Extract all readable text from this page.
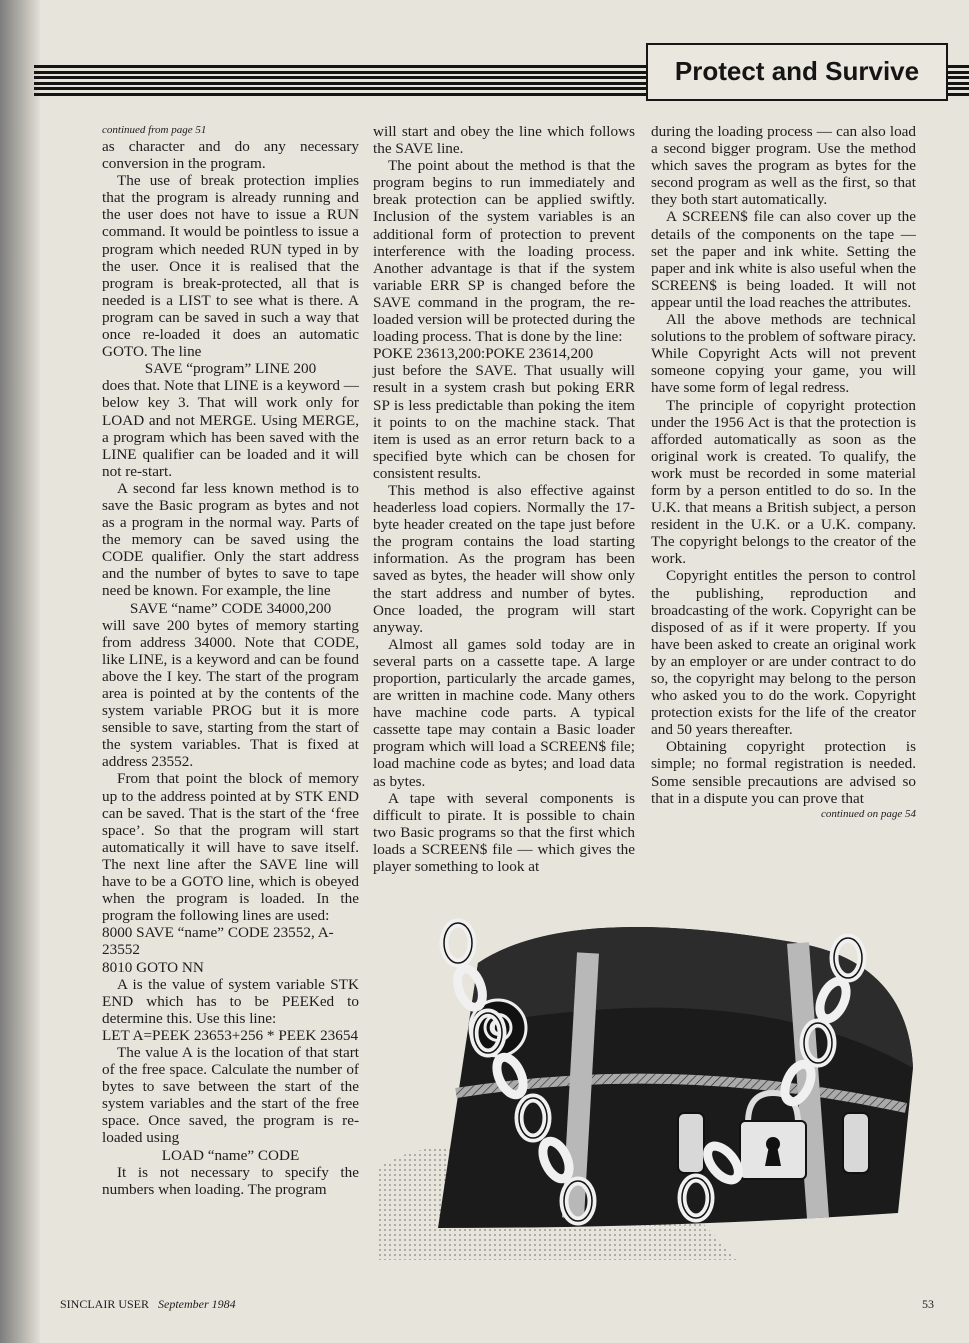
Protect and Survive

continued from page 51

as character and do any necessary conversion in the program.

The use of break protection implies that the program is already running and the user does not have to issue a RUN command. It would be pointless to issue a program which needed RUN typed in by the user. Once it is realised that the program is break-protected, all that is needed is a LIST to see what is there. A program can be saved in such a way that once re-loaded it does an automatic GOTO. The line

SAVE “program” LINE 200

does that. Note that LINE is a keyword — below key 3. That will work only for LOAD and not MERGE. Using MERGE, a program which has been saved with the LINE qualifier can be loaded and it will not re-start.

A second far less known method is to save the Basic program as bytes and not as a program in the normal way. Parts of the memory can be saved using the CODE qualifier. Only the start address and the number of bytes to save to tape need be known. For example, the line

SAVE “name” CODE 34000,200

will save 200 bytes of memory starting from address 34000. Note that CODE, like LINE, is a keyword and can be found above the I key. The start of the program area is pointed at by the contents of the system variable PROG but it is more sensible to save, starting from the start of the system variables. That is fixed at address 23552.

From that point the block of memory up to the address pointed at by STK END can be saved. That is the start of the ‘free space’. So that the program will start automatically it will have to save itself. The next line after the SAVE line will have to be a GOTO line, which is obeyed when the program is loaded. In the program the following lines are used:

8000 SAVE “name” CODE 23552, A-23552

8010 GOTO NN

A is the value of system variable STK END which has to be PEEKed to determine this. Use this line:

LET A=PEEK 23653+256 * PEEK 23654

The value A is the location of that start of the free space. Calculate the number of bytes to save between the start of the system variables and the start of the free space. Once saved, the program is re-loaded using

LOAD “name” CODE

It is not necessary to specify the numbers when loading. The program

will start and obey the line which follows the SAVE line.

The point about the method is that the program begins to run immediately and break protection can be applied swiftly. Inclusion of the system variables is an additional form of protection to prevent interference with the loading process. Another advantage is that if the system variable ERR SP is changed before the SAVE command in the program, the re-loaded version will be protected during the loading process. That is done by the line:

POKE 23613,200:POKE 23614,200

just before the SAVE. That usually will result in a system crash but poking ERR SP is less predictable than poking the item it points to on the machine stack. That item is used as an error return back to a specified byte which can be chosen for consistent results.

This method is also effective against headerless load copiers. Normally the 17-byte header created on the tape just before the program contains the load starting information. As the program has been saved as bytes, the header will show only the start address and number of bytes. Once loaded, the program will start anyway.

Almost all games sold today are in several parts on a cassette tape. A large proportion, particularly the arcade games, are written in machine code. Many others have machine code parts. A typical cassette tape may contain a Basic loader program which will load a SCREEN$ file; load machine code as bytes; and load data as bytes.

A tape with several components is difficult to pirate. It is possible to chain two Basic programs so that the first which loads a SCREEN$ file — which gives the player something to look at

during the loading process — can also load a second bigger program. Use the method which saves the program as bytes for the second program as well as the first, so that they both start automatically.

A SCREEN$ file can also cover up the details of the components on the tape — set the paper and ink white. Setting the paper and ink white is also useful when the SCREEN$ is being loaded. It will not appear until the load reaches the attributes.

All the above methods are technical solutions to the problem of software piracy. While Copyright Acts will not prevent someone copying your game, you will have some form of legal redress.

The principle of copyright protection under the 1956 Act is that the protection is afforded automatically as soon as the original work is created. To qualify, the work must be recorded in some material form by a person entitled to do so. In the U.K. that means a British subject, a person resident in the U.K. or a U.K. company. The copyright belongs to the creator of the work.

Copyright entitles the person to control the publishing, reproduction and broadcasting of the work. Copyright can be disposed of as if it were property. If you have been asked to create an original work by an employer or are under contract to do so, the copyright may belong to the person who asked you to do the work. Copyright protection exists for the life of the creator and 50 years thereafter.

Obtaining copyright protection is simple; no formal registration is needed. Some sensible precautions are advised so that in a dispute you can prove that

continued on page 54

©
SINCLAIR USER September 1984	53
